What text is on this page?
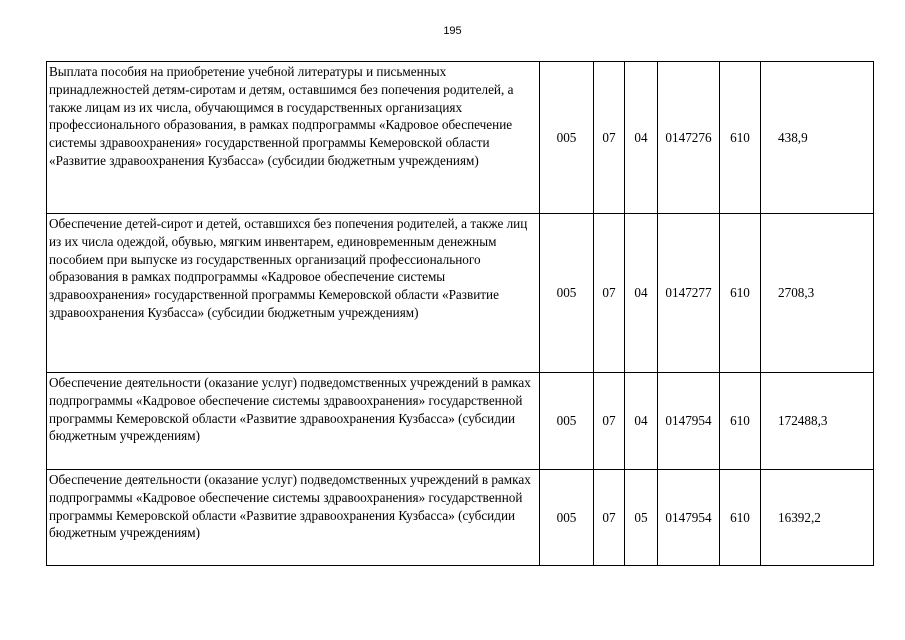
195
Выплата пособия на приобретение учебной литературы и письменных принадлежностей детям-сиротам и детям, оставшимся без попечения родителей, а также лицам из их числа, обучающимся в государственных организациях профессионального образования, в рамках подпрограммы «Кадровое обеспечение системы здравоохранения» государственной программы Кемеровской области «Развитие здравоохранения Кузбасса» (субсидии бюджетным учреждениям)	005	07	04	0147276	610	438,9
Обеспечение детей-сирот и детей, оставшихся без попечения родителей, а также лиц из их числа одеждой, обувью, мягким инвентарем, единовременным денежным пособием при выпуске из государственных организаций профессионального образования в рамках подпрограммы «Кадровое обеспечение системы здравоохранения» государственной программы Кемеровской области «Развитие здравоохранения Кузбасса» (субсидии бюджетным учреждениям)	005	07	04	0147277	610	2708,3
Обеспечение деятельности (оказание услуг) подведомственных учреждений в рамках подпрограммы «Кадровое обеспечение системы здравоохранения» государственной программы Кемеровской области «Развитие здравоохранения Кузбасса» (субсидии бюджетным учреждениям)	005	07	04	0147954	610	172488,3
Обеспечение деятельности (оказание услуг) подведомственных учреждений в рамках подпрограммы «Кадровое обеспечение системы здравоохранения» государственной программы Кемеровской области «Развитие здравоохранения Кузбасса» (субсидии бюджетным учреждениям)	005	07	05	0147954	610	16392,2
